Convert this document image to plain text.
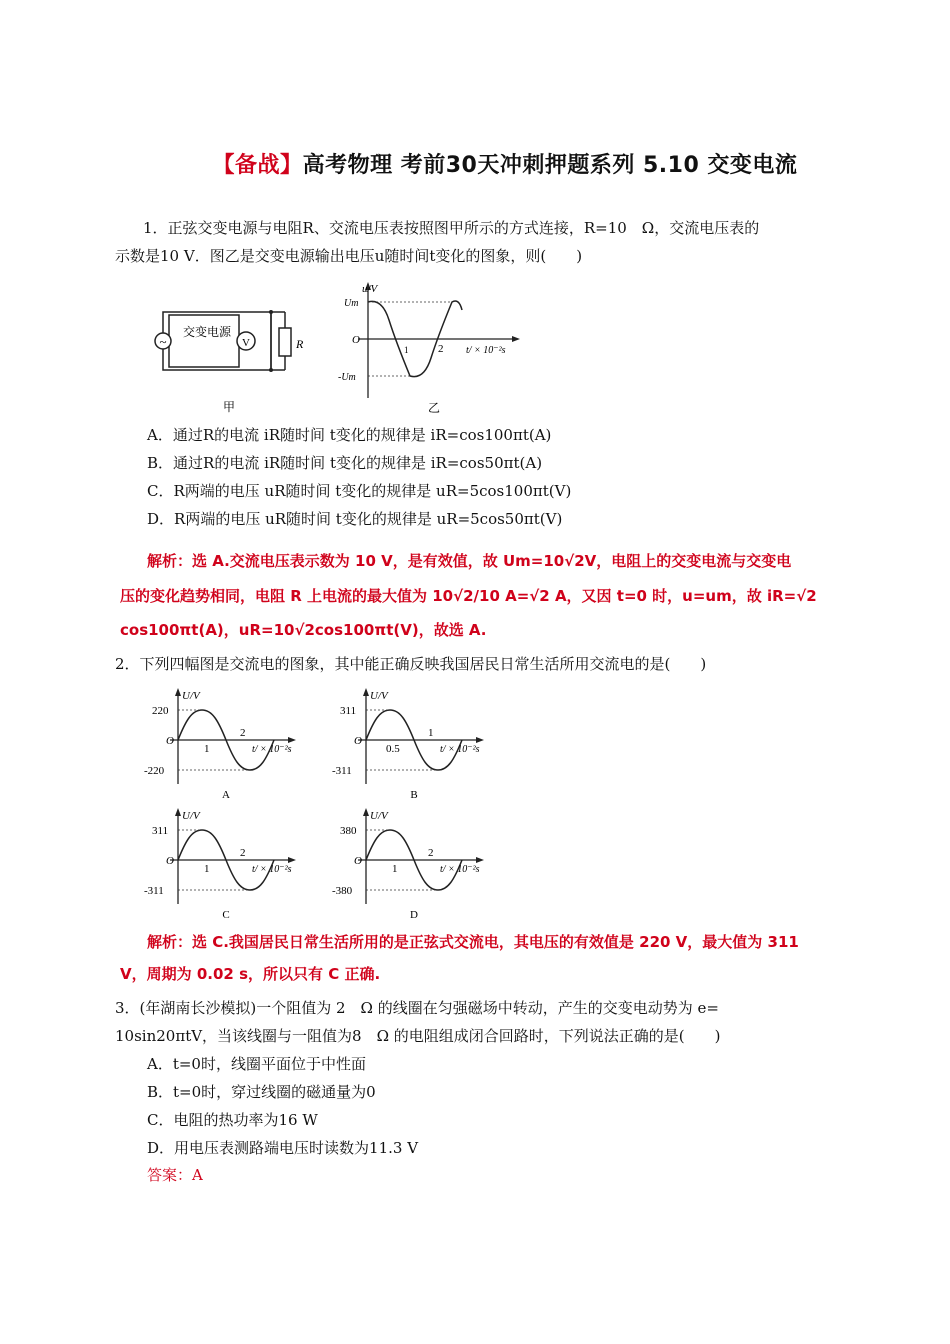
【备战】高考物理 考前30天冲刺押题系列 5.10 交变电流
1．正弦交变电源与电阻R、交流电压表按照图甲所示的方式连接，R=10　Ω，交流电压表的
示数是10 V．图乙是交变电源输出电压u随时间t变化的图象，则(　　)
~	V
交变电源
R
甲
u/V
Um
-Um
O
1	2 t/ × 10⁻²s
乙
A．通过R的电流 iR随时间 t变化的规律是 iR=cos100πt(A)
B．通过R的电流 iR随时间 t变化的规律是 iR=cos50πt(A)
C．R两端的电压 uR随时间 t变化的规律是 uR=5cos100πt(V)
D．R两端的电压 uR随时间 t变化的规律是 uR=5cos50πt(V)
解析：选 A.交流电压表示数为 10 V，是有效值，故 Um=10√2V，电阻上的交变电流与交变电
压的变化趋势相同，电阻 R 上电流的最大值为 10√2/10 A=√2 A，又因 t=0 时，u=um，故 iR=√2
cos100πt(A)，uR=10√2cos100πt(V)，故选 A.
2．下列四幅图是交流电的图象，其中能正确反映我国居民日常生活所用交流电的是(　　)
U/V
220
-220
O
1
2
t/ × 10⁻²s
A
U/V
311
-311
O
0.5
1
t/ × 10⁻²s
B
U/V
311
-311
O
1
2
t/ × 10⁻²s
C
U/V
380
-380
O
1
2
t/ × 10⁻²s
D
解析：选 C.我国居民日常生活所用的是正弦式交流电，其电压的有效值是 220 V，最大值为 311
V，周期为 0.02 s，所以只有 C 正确.
3．(年湖南长沙模拟)一个阻值为 2　Ω 的线圈在匀强磁场中转动，产生的交变电动势为 e=
10sin20πtV，当该线圈与一阻值为8　Ω 的电阻组成闭合回路时，下列说法正确的是(　　)
A．t=0时，线圈平面位于中性面
B．t=0时，穿过线圈的磁通量为0
C．电阻的热功率为16 W
D．用电压表测路端电压时读数为11.3 V
答案：A
